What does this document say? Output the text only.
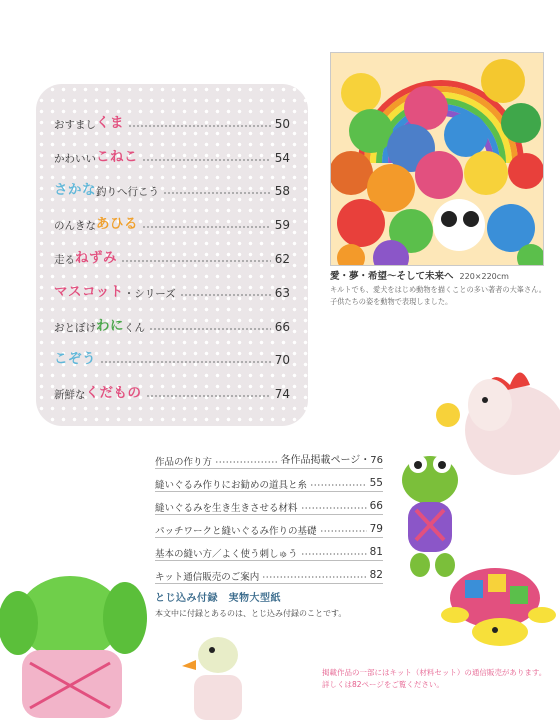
おすまし くま	50
かわいい こねこ	54
さかな 釣りへ行こう	58
のんきな あひる	59
走る ねずみ	62
マスコット ・シリーズ	63
おとぼけ わに くん	66
こぞう	70
新鮮な くだもの	74
愛・夢・希望～そして未来へ 220×220cm
キルトでも、愛犬をはじめ動物を描くことの多い著者の大峯さん。
子供たちの姿を動物で表現しました。
作品の作り方	各作品掲載ページ・76
縫いぐるみ作りにお勧めの道具と糸	55
縫いぐるみを生き生きさせる材料	66
パッチワークと縫いぐるみ作りの基礎	79
基本の縫い方／よく使う刺しゅう	81
キット通信販売のご案内	82
とじ込み付録　実物大型紙
本文中に付録とあるのは、とじ込み付録のことです。
掲載作品の一部にはキット（材料セット）の通信販売があります。
詳しくは82ページをご覧ください。
